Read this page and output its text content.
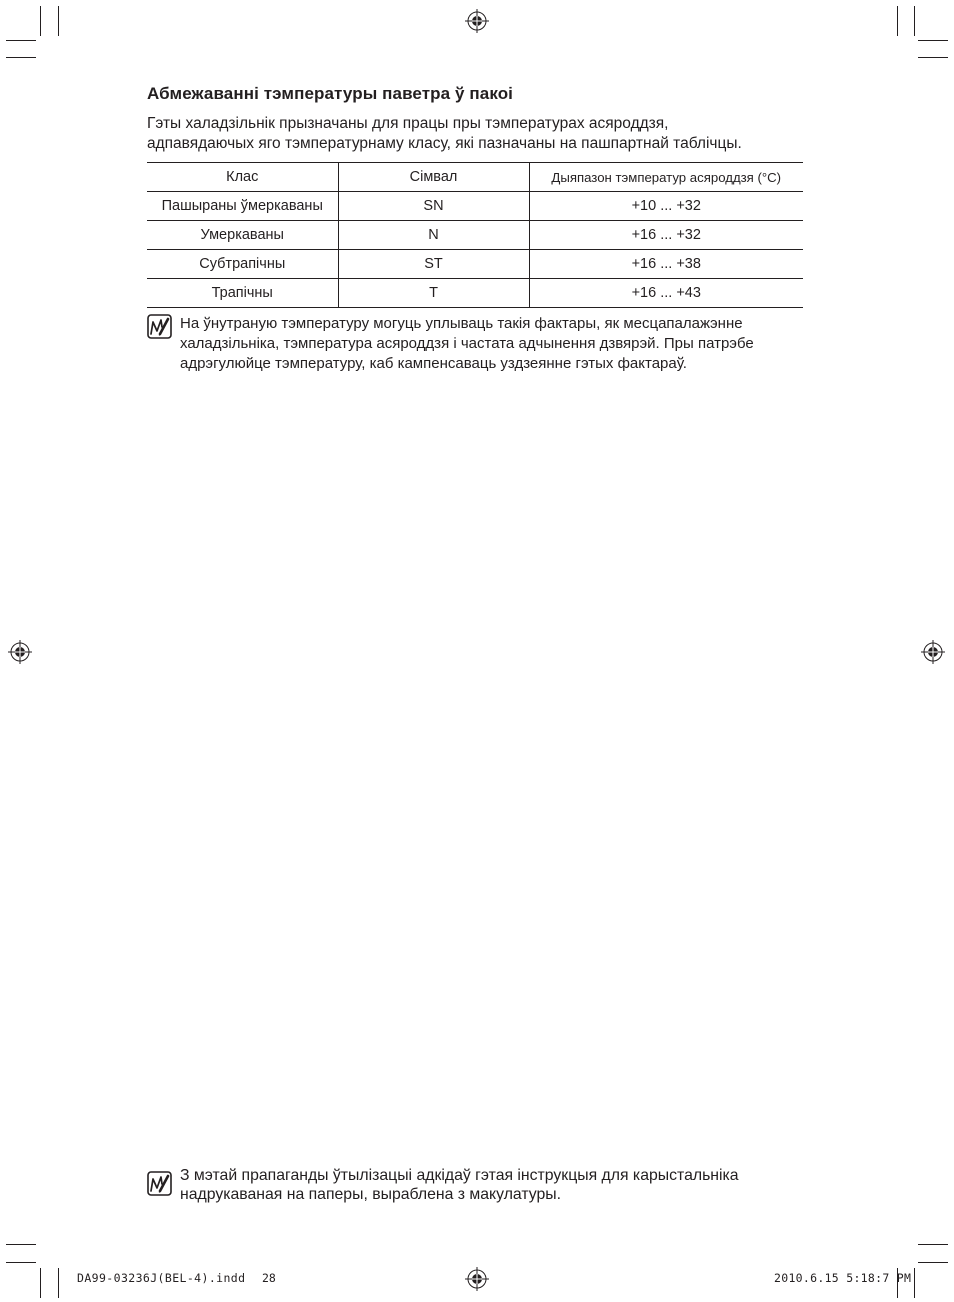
Абмежаванні тэмпературы паветра ў пакоі

Гэты халадзільнік прызначаны для працы пры тэмпературах асяроддзя,
адпавядаючых яго тэмпературнаму класу, які пазначаны на пашпартнай таблічцы.

Клас	Сімвал	Дыяпазон тэмператур асяроддзя (°C)
Пашыраны ўмеркаваны	SN	+10 ... +32
Умеркаваны	N	+16 ... +32
Субтрапічны	ST	+16 ... +38
Трапічны	T	+16 ... +43

На ўнутраную тэмпературу могуць уплываць такія фактары, як месцапалажэнне
халадзільніка, тэмпература асяроддзя і частата адчынення дзвярэй. Пры патрэбе
адрэгулюйце тэмпературу, каб кампенсаваць уздзеянне гэтых фактараў.

З мэтай прапаганды ўтылізацыі адкідаў гэтая інструкцыя для карыстальніка
надрукаваная на паперы, выраблена з макулатуры.

DA99-03236J(BEL-4).indd 28	2010.6.15 5:18:7 PM
